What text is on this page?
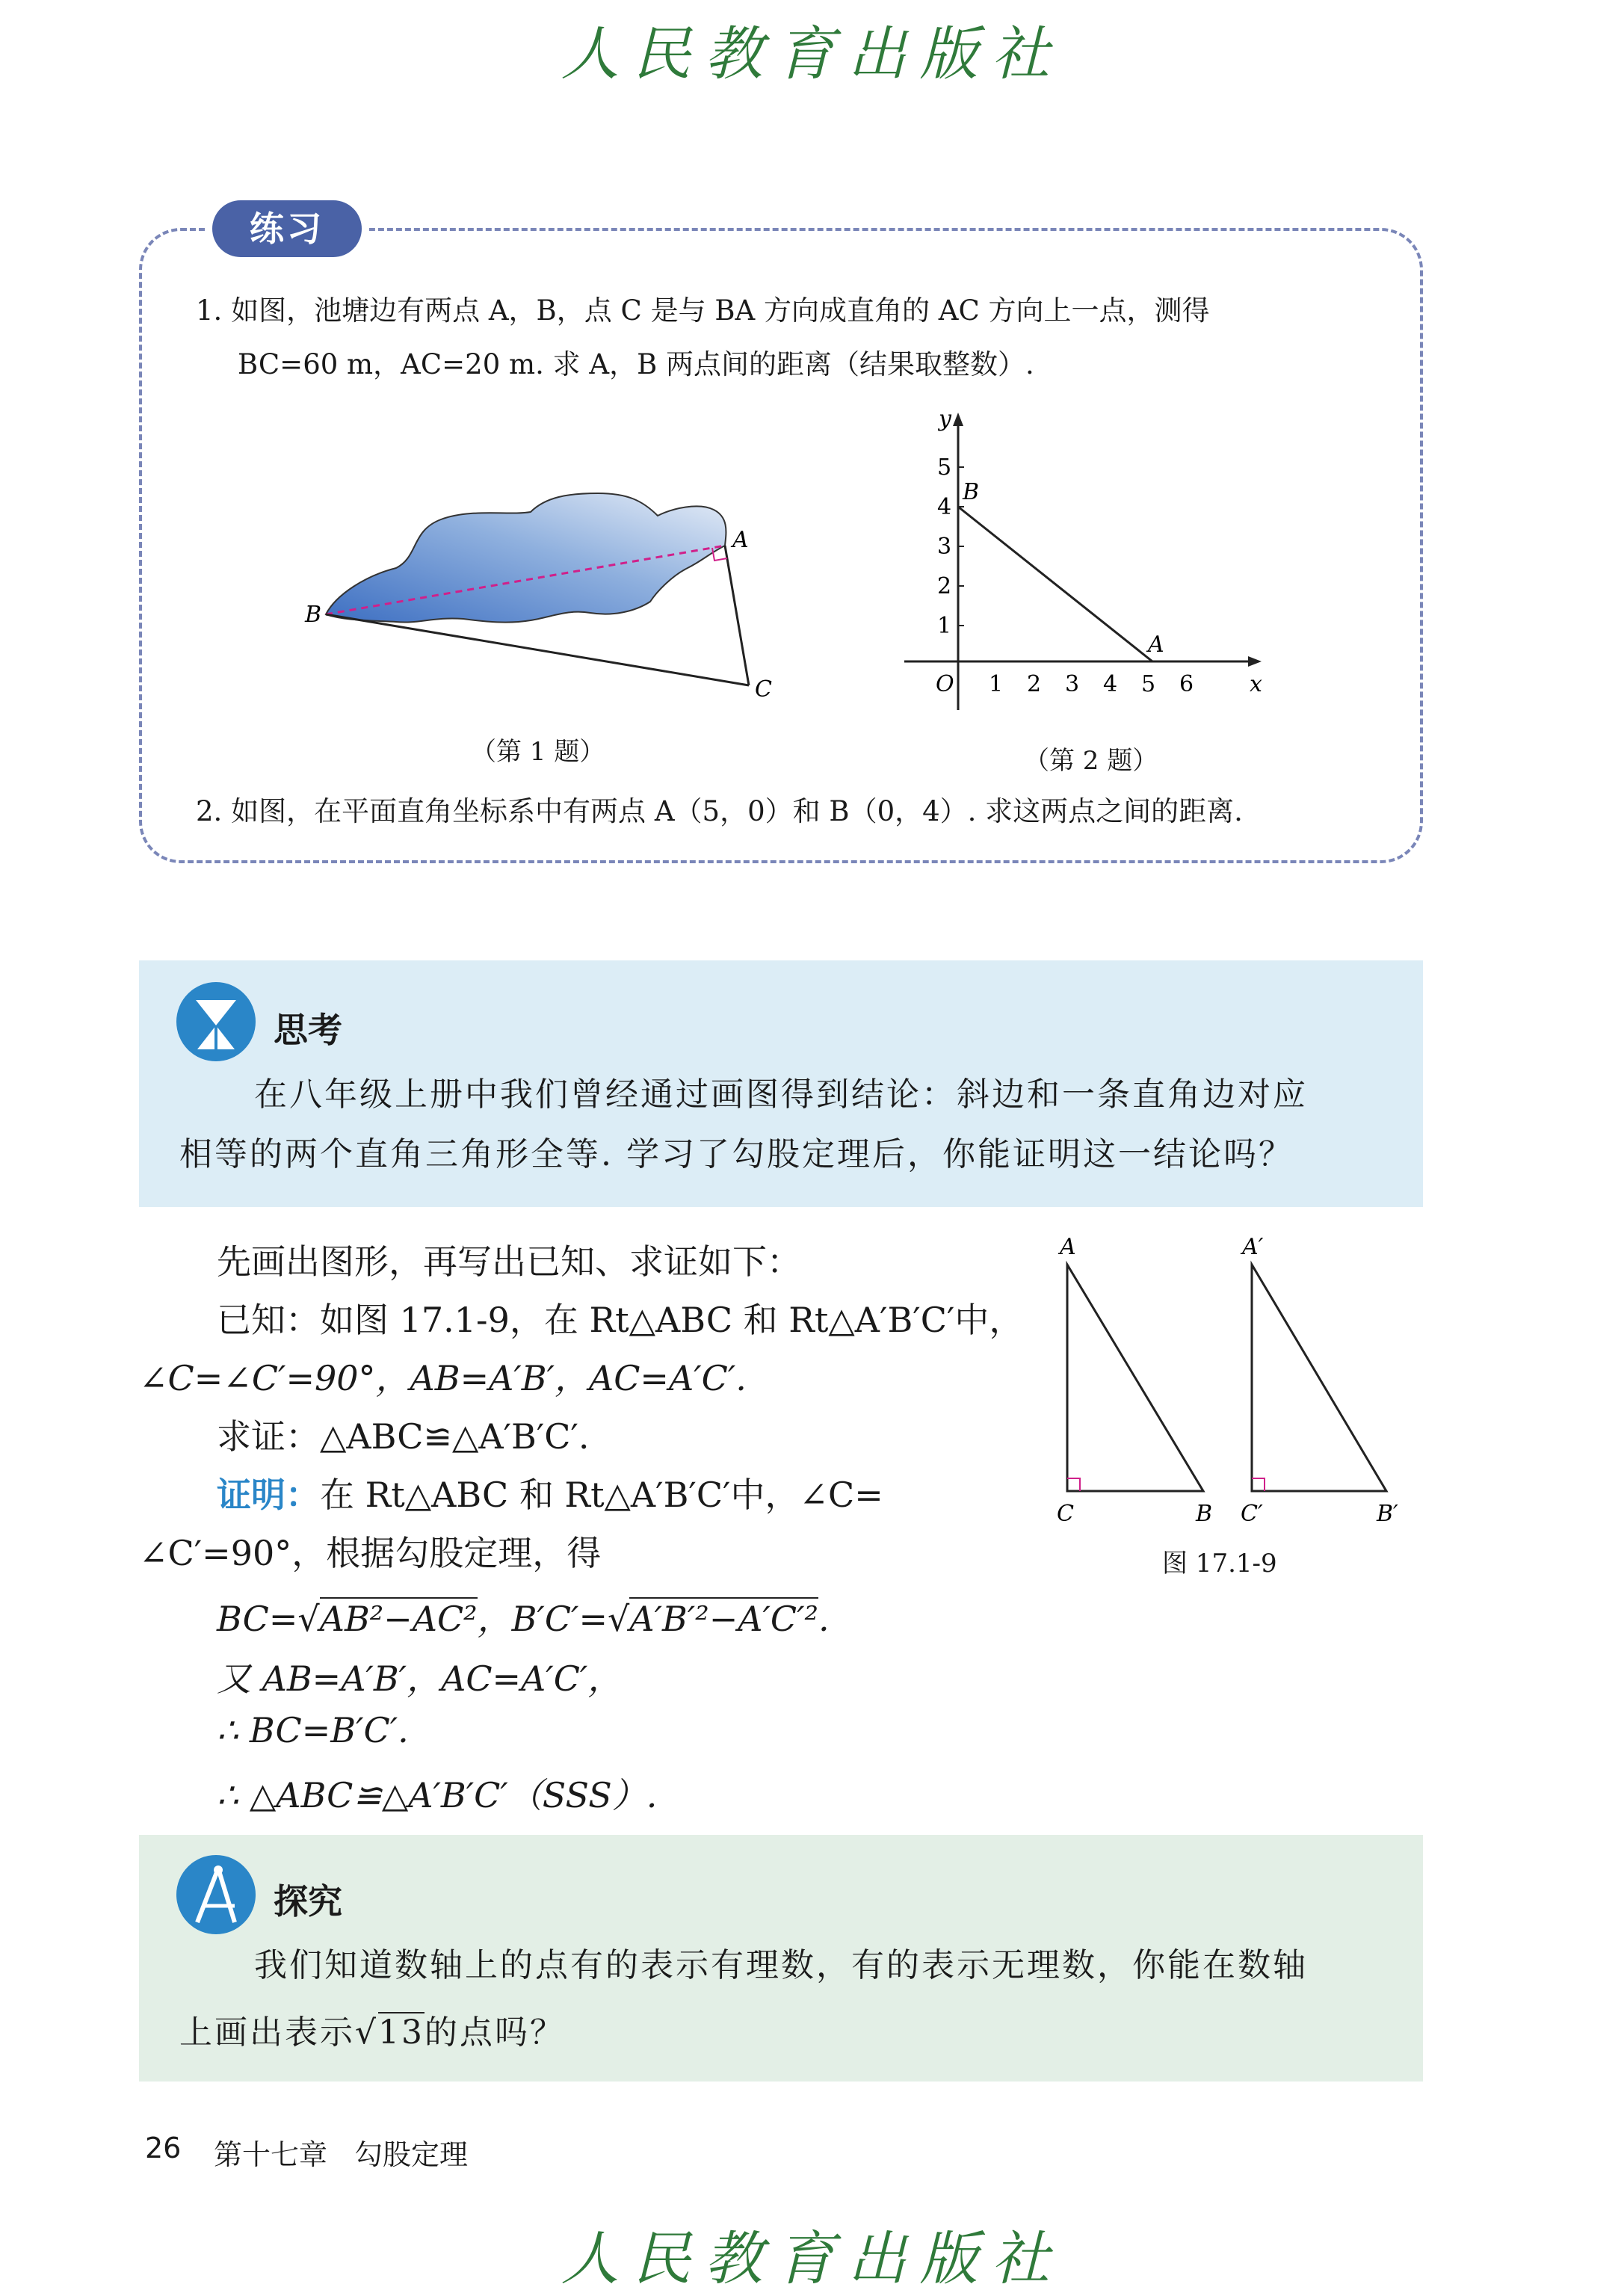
人民教育出版社
练习
1. 如图，池塘边有两点 A，B，点 C 是与 BA 方向成直角的 AC 方向上一点，测得
BC=60 m，AC=20 m. 求 A，B 两点间的距离（结果取整数）.
A
B
C
（第 1 题）
y
x
O 1 2 3 4 5 6
1
2
3
4
5
B
A
（第 2 题）
2. 如图，在平面直角坐标系中有两点 A（5，0）和 B（0，4）. 求这两点之间的距离.
思考
在八年级上册中我们曾经通过画图得到结论：斜边和一条直角边对应
相等的两个直角三角形全等. 学习了勾股定理后，你能证明这一结论吗？
先画出图形，再写出已知、求证如下：
已知：如图 17.1-9，在 Rt△ABC 和 Rt△A′B′C′中，
∠C=∠C′=90°，AB=A′B′，AC=A′C′.
求证：△ABC≌△A′B′C′.
证明：在 Rt△ABC 和 Rt△A′B′C′中，∠C=
∠C′=90°，根据勾股定理，得
BC=√AB²−AC²，B′C′=√A′B′²−A′C′².
又 AB=A′B′，AC=A′C′，
∴ BC=B′C′.
∴ △ABC≌△A′B′C′（SSS）.
A
C	B
A′
C′	B′
图 17.1-9
探究
我们知道数轴上的点有的表示有理数，有的表示无理数，你能在数轴
上画出表示√13的点吗？
26 第十七章 勾股定理
人民教育出版社
